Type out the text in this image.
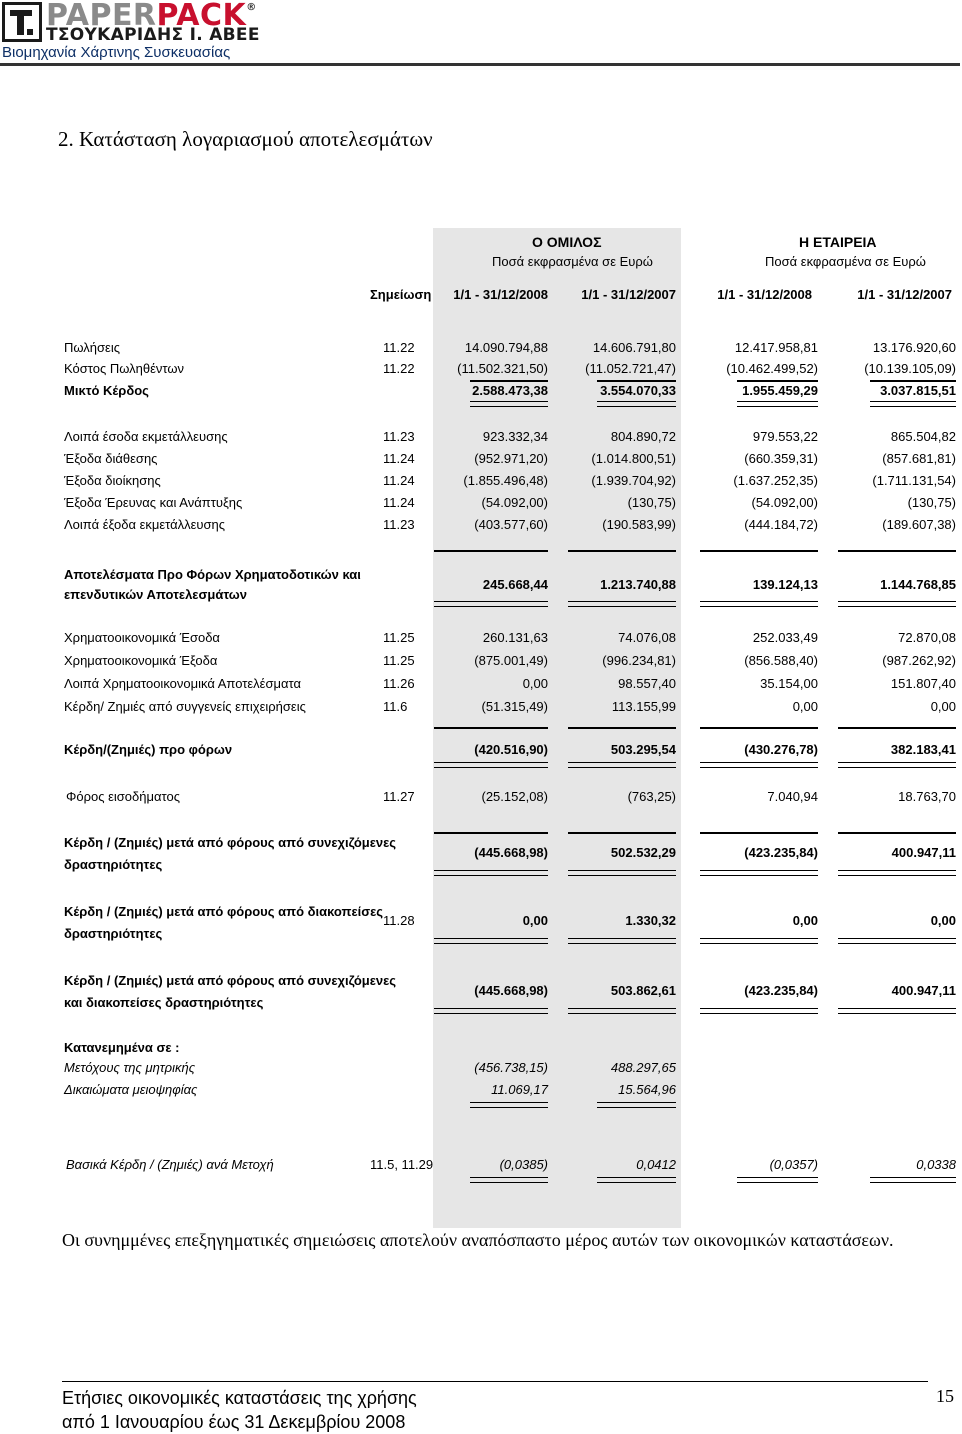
PAPERPACK®
ΤΣΟΥΚΑΡΙΔΗΣ Ι. ΑΒΕΕ
Βιομηχανία Χάρτινης Συσκευασίας
2. Κατάσταση λογαριασμού αποτελεσμάτων
Ο ΟΜΙΛΟΣ
Ποσά εκφρασμένα σε Ευρώ
Η ΕΤΑΙΡΕΙΑ
Ποσά εκφρασμένα σε Ευρώ
Σημείωση	1/1 - 31/12/2008	1/1 - 31/12/2007	1/1 - 31/12/2008	1/1 - 31/12/2007
Πωλήσεις	11.22	14.090.794,88	14.606.791,80	12.417.958,81	13.176.920,60
Κόστος Πωληθέντων	11.22	(11.502.321,50)	(11.052.721,47)	(10.462.499,52)	(10.139.105,09)
Μικτό Κέρδος	2.588.473,38	3.554.070,33	1.955.459,29	3.037.815,51
Λοιπά έσοδα εκμετάλλευσης	11.23	923.332,34	804.890,72	979.553,22	865.504,82
Έξοδα διάθεσης	11.24	(952.971,20)	(1.014.800,51)	(660.359,31)	(857.681,81)
Έξοδα διοίκησης	11.24	(1.855.496,48)	(1.939.704,92)	(1.637.252,35)	(1.711.131,54)
Έξοδα Έρευνας και Ανάπτυξης	11.24	(54.092,00)	(130,75)	(54.092,00)	(130,75)
Λοιπά έξοδα εκμετάλλευσης	11.23	(403.577,60)	(190.583,99)	(444.184,72)	(189.607,38)
Αποτελέσματα Προ Φόρων Χρηματοδοτικών και
επενδυτικών Αποτελεσμάτων
245.668,44	1.213.740,88	139.124,13	1.144.768,85
Χρηματοοικονομικά Έσοδα	11.25	260.131,63	74.076,08	252.033,49	72.870,08
Χρηματοοικονομικά Έξοδα	11.25	(875.001,49)	(996.234,81)	(856.588,40)	(987.262,92)
Λοιπά Χρηματοοικονομικά Αποτελέσματα	11.26	0,00	98.557,40	35.154,00	151.807,40
Κέρδη/ Ζημιές από συγγενείς επιχειρήσεις	11.6	(51.315,49)	113.155,99	0,00	0,00
Κέρδη/(Ζημιές) προ φόρων	(420.516,90)	503.295,54	(430.276,78)	382.183,41
Φόρος εισοδήματος	11.27	(25.152,08)	(763,25)	7.040,94	18.763,70
Κέρδη / (Ζημιές) μετά από φόρους από συνεχιζόμενες
δραστηριότητες
(445.668,98)	502.532,29	(423.235,84)	400.947,11
Κέρδη / (Ζημιές) μετά από φόρους από διακοπείσες
δραστηριότητες
11.28	0,00	1.330,32	0,00	0,00
Κέρδη / (Ζημιές) μετά από φόρους από συνεχιζόμενες
και διακοπείσες δραστηριότητες
(445.668,98)	503.862,61	(423.235,84)	400.947,11
Κατανεμημένα σε :
Μετόχους της μητρικής	(456.738,15)	488.297,65
Δικαιώματα μειοψηφίας	11.069,17	15.564,96
Βασικά Κέρδη / (Ζημιές) ανά Μετοχή	11.5, 11.29	(0,0385)	0,0412	(0,0357)	0,0338
Οι συνημμένες επεξηγηματικές σημειώσεις αποτελούν αναπόσπαστο μέρος αυτών των οικονομικών καταστάσεων.
Ετήσιες οικονομικές καταστάσεις της χρήσης
από 1 Ιανουαρίου έως 31 Δεκεμβρίου 2008
15
